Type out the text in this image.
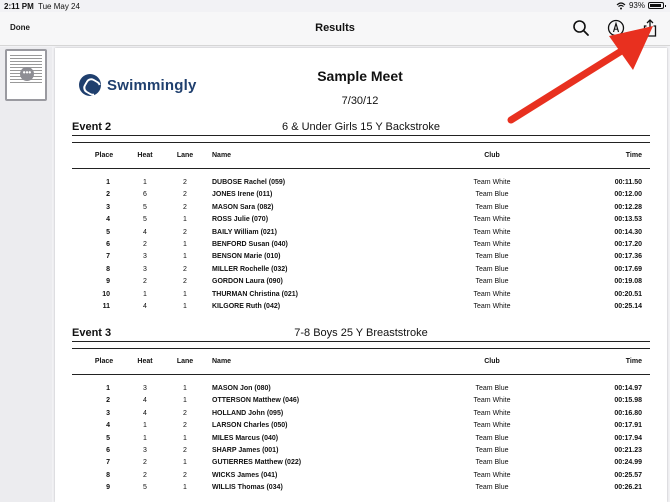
2:11 PM Tue May 24	93%
Done	Results
•••
Swimmingly
Sample Meet
7/30/12
Event 2	6 & Under Girls 15 Y Backstroke
Place	Heat	Lane	Name	Club	Time
1	1	2	DUBOSE Rachel (059)	Team White	00:11.50
2	6	2	JONES Irene (011)	Team Blue	00:12.00
3	5	2	MASON Sara (082)	Team Blue	00:12.28
4	5	1	ROSS Julie (070)	Team White	00:13.53
5	4	2	BAILY William (021)	Team White	00:14.30
6	2	1	BENFORD Susan (040)	Team White	00:17.20
7	3	1	BENSON Marie (010)	Team Blue	00:17.36
8	3	2	MILLER Rochelle (032)	Team Blue	00:17.69
9	2	2	GORDON Laura (090)	Team Blue	00:19.08
10	1	1	THURMAN Christina (021)	Team White	00:20.51
11	4	1	KILGORE Ruth (042)	Team White	00:25.14
Event 3	7-8 Boys 25 Y Breaststroke
Place	Heat	Lane	Name	Club	Time
1	3	1	MASON Jon (080)	Team Blue	00:14.97
2	4	1	OTTERSON Matthew (046)	Team White	00:15.98
3	4	2	HOLLAND John (095)	Team White	00:16.80
4	1	2	LARSON Charles (050)	Team White	00:17.91
5	1	1	MILES Marcus (040)	Team Blue	00:17.94
6	3	2	SHARP James (001)	Team Blue	00:21.23
7	2	1	GUTIERRES Matthew (022)	Team Blue	00:24.99
8	2	2	WICKS James (041)	Team White	00:25.57
9	5	1	WILLIS Thomas (034)	Team Blue	00:26.21
